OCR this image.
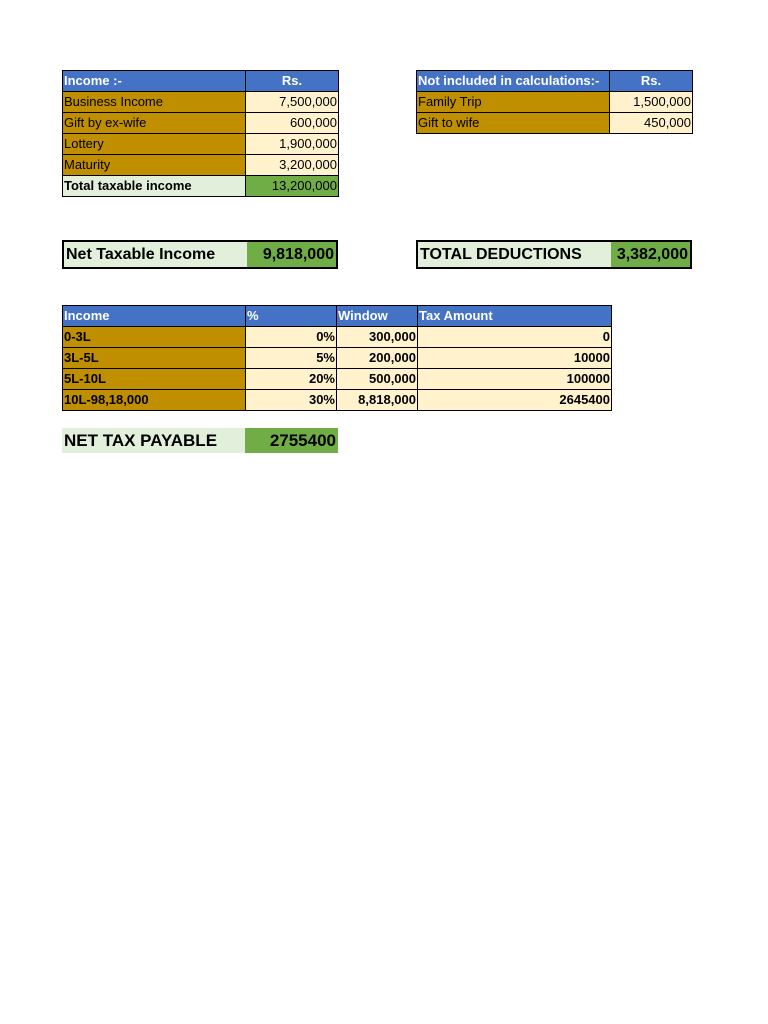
Income :-	Rs.
Business Income	7,500,000
Gift by ex-wife	600,000
Lottery	1,900,000
Maturity	3,200,000
Total taxable income	13,200,000
Not included in calculations:-	Rs.
Family Trip	1,500,000
Gift to wife	450,000
Net Taxable Income	9,818,000	TOTAL DEDUCTIONS	3,382,000
Income	%	Window	Tax Amount
0-3L	0%	300,000	0
3L-5L	5%	200,000	10000
5L-10L	20%	500,000	100000
10L-98,18,000	30%	8,818,000	2645400
NET TAX PAYABLE	2755400
